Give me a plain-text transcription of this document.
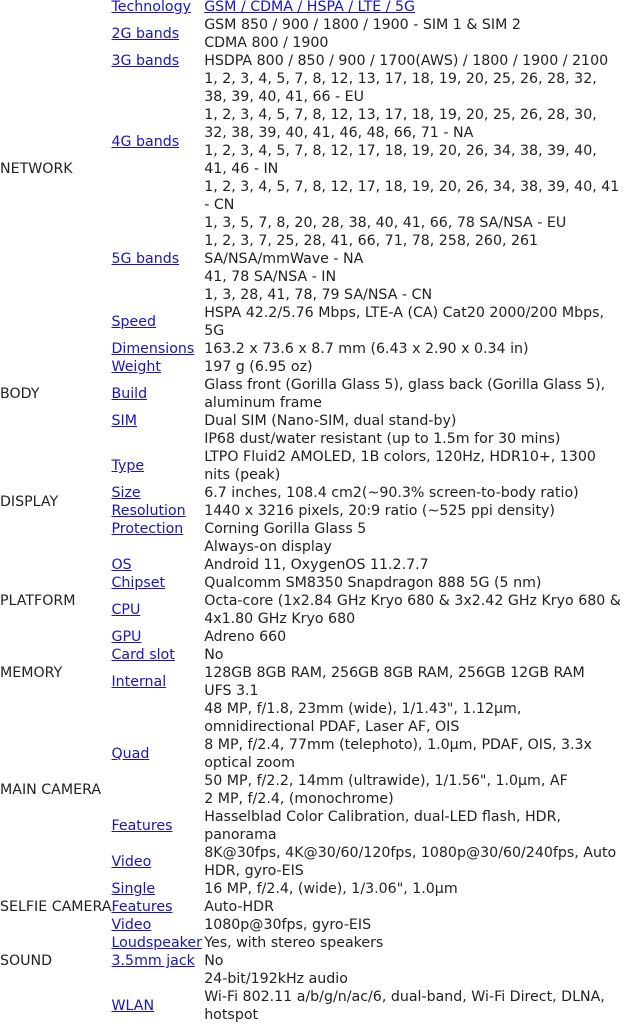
NETWORK	Technology	GSM / CDMA / HSPA / LTE / 5G
	2G bands	GSM 850 / 900 / 1800 / 1900 - SIM 1 & SIM 2
		CDMA 800 / 1900
	3G bands	HSDPA 800 / 850 / 900 / 1700(AWS) / 1800 / 1900 / 2100
	4G bands	1, 2, 3, 4, 5, 7, 8, 12, 13, 17, 18, 19, 20, 25, 26, 28, 32, 38, 39, 40, 41, 66 - EU
		1, 2, 3, 4, 5, 7, 8, 12, 13, 17, 18, 19, 20, 25, 26, 28, 30, 32, 38, 39, 40, 41, 46, 48, 66, 71 - NA
		1, 2, 3, 4, 5, 7, 8, 12, 17, 18, 19, 20, 26, 34, 38, 39, 40, 41, 46 - IN
		1, 2, 3, 4, 5, 7, 8, 12, 17, 18, 19, 20, 26, 34, 38, 39, 40, 41 - CN
	5G bands	1, 3, 5, 7, 8, 20, 28, 38, 40, 41, 66, 78 SA/NSA - EU
		1, 2, 3, 7, 25, 28, 41, 66, 71, 78, 258, 260, 261 SA/NSA/mmWave - NA
		41, 78 SA/NSA - IN
		1, 3, 28, 41, 78, 79 SA/NSA - CN
	Speed	HSPA 42.2/5.76 Mbps, LTE-A (CA) Cat20 2000/200 Mbps, 5G
BODY	Dimensions	163.2 x 73.6 x 8.7 mm (6.43 x 2.90 x 0.34 in)
	Weight	197 g (6.95 oz)
	Build	Glass front (Gorilla Glass 5), glass back (Gorilla Glass 5), aluminum frame
	SIM	Dual SIM (Nano-SIM, dual stand-by)
		IP68 dust/water resistant (up to 1.5m for 30 mins)
DISPLAY	Type	LTPO Fluid2 AMOLED, 1B colors, 120Hz, HDR10+, 1300 nits (peak)
	Size	6.7 inches, 108.4 cm2(~90.3% screen-to-body ratio)
	Resolution	1440 x 3216 pixels, 20:9 ratio (~525 ppi density)
	Protection	Corning Gorilla Glass 5
		Always-on display
PLATFORM	OS	Android 11, OxygenOS 11.2.7.7
	Chipset	Qualcomm SM8350 Snapdragon 888 5G (5 nm)
	CPU	Octa-core (1x2.84 GHz Kryo 680 & 3x2.42 GHz Kryo 680 & 4x1.80 GHz Kryo 680
	GPU	Adreno 660
MEMORY	Card slot	No
	Internal	128GB 8GB RAM, 256GB 8GB RAM, 256GB 12GB RAM
		UFS 3.1
MAIN CAMERA	Quad	48 MP, f/1.8, 23mm (wide), 1/1.43", 1.12µm, omnidirectional PDAF, Laser AF, OIS
		8 MP, f/2.4, 77mm (telephoto), 1.0µm, PDAF, OIS, 3.3x optical zoom
		50 MP, f/2.2, 14mm (ultrawide), 1/1.56", 1.0µm, AF
		2 MP, f/2.4, (monochrome)
	Features	Hasselblad Color Calibration, dual-LED flash, HDR, panorama
	Video	8K@30fps, 4K@30/60/120fps, 1080p@30/60/240fps, Auto HDR, gyro-EIS
SELFIE CAMERA	Single	16 MP, f/2.4, (wide), 1/3.06", 1.0µm
	Features	Auto-HDR
	Video	1080p@30fps, gyro-EIS
SOUND	Loudspeaker	Yes, with stereo speakers
	3.5mm jack	No
		24-bit/192kHz audio
	WLAN	Wi-Fi 802.11 a/b/g/n/ac/6, dual-band, Wi-Fi Direct, DLNA, hotspot
